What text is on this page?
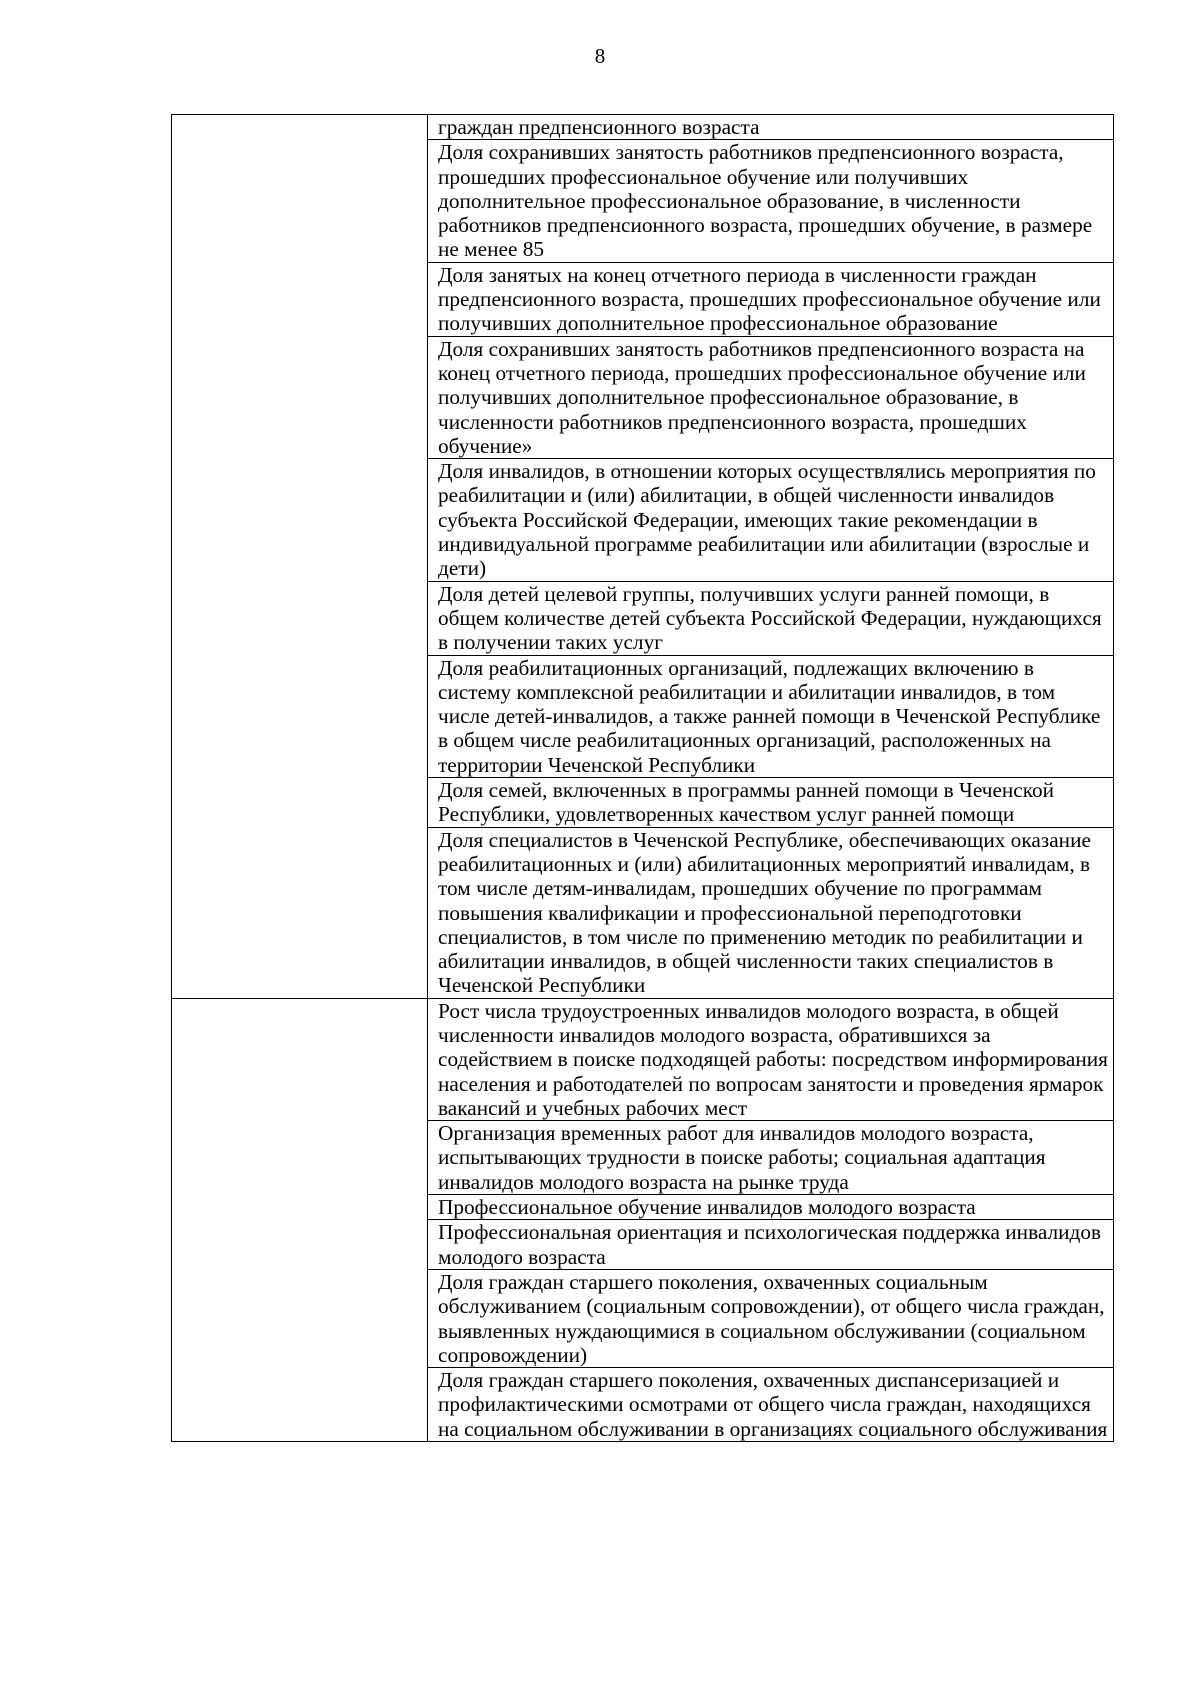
8
	граждан предпенсионного возраста
	Доля сохранивших занятость работников предпенсионного возраста, прошедших профессиональное обучение или получивших дополнительное профессиональное образование, в численности работников предпенсионного возраста, прошедших обучение, в размере не менее 85
	Доля занятых на конец отчетного периода в численности граждан предпенсионного возраста, прошедших профессиональное обучение или получивших дополнительное профессиональное образование
	Доля сохранивших занятость работников предпенсионного возраста на конец отчетного периода, прошедших профессиональное обучение или получивших дополнительное профессиональное образование, в численности работников предпенсионного возраста, прошедших обучение»
	Доля инвалидов, в отношении которых осуществлялись мероприятия по реабилитации и (или) абилитации, в общей численности инвалидов субъекта Российской Федерации, имеющих такие рекомендации в индивидуальной программе реабилитации или абилитации (взрослые и дети)
	Доля детей целевой группы, получивших услуги ранней помощи, в общем количестве детей субъекта Российской Федерации, нуждающихся в получении таких услуг
	Доля реабилитационных организаций, подлежащих включению в систему комплексной реабилитации и абилитации инвалидов, в том числе детей-инвалидов, а также ранней помощи в Чеченской Республике в общем числе реабилитационных организаций, расположенных на территории Чеченской Республики
	Доля семей, включенных в программы ранней помощи в Чеченской Республики, удовлетворенных качеством услуг ранней помощи
	Доля специалистов в Чеченской Республике, обеспечивающих оказание реабилитационных и (или) абилитационных мероприятий инвалидам, в том числе детям-инвалидам, прошедших обучение по программам повышения квалификации и профессиональной переподготовки специалистов, в том числе по применению методик по реабилитации и абилитации инвалидов, в общей численности таких специалистов в Чеченской Республики
	Рост числа трудоустроенных инвалидов молодого возраста, в общей численности инвалидов молодого возраста, обратившихся за содействием в поиске подходящей работы: посредством информирования населения и работодателей по вопросам занятости и проведения ярмарок вакансий и учебных рабочих мест
	Организация временных работ для инвалидов молодого возраста, испытывающих трудности в поиске работы; социальная адаптация инвалидов молодого возраста на рынке труда
	Профессиональное обучение инвалидов молодого возраста
	Профессиональная ориентация и психологическая поддержка инвалидов молодого возраста
	Доля граждан старшего поколения, охваченных социальным обслуживанием (социальным сопровождении), от общего числа граждан, выявленных нуждающимися в социальном обслуживании (социальном сопровождении)
	Доля граждан старшего поколения, охваченных диспансеризацией и профилактическими осмотрами от общего числа граждан, находящихся на социальном обслуживании в организациях социального обслуживания
